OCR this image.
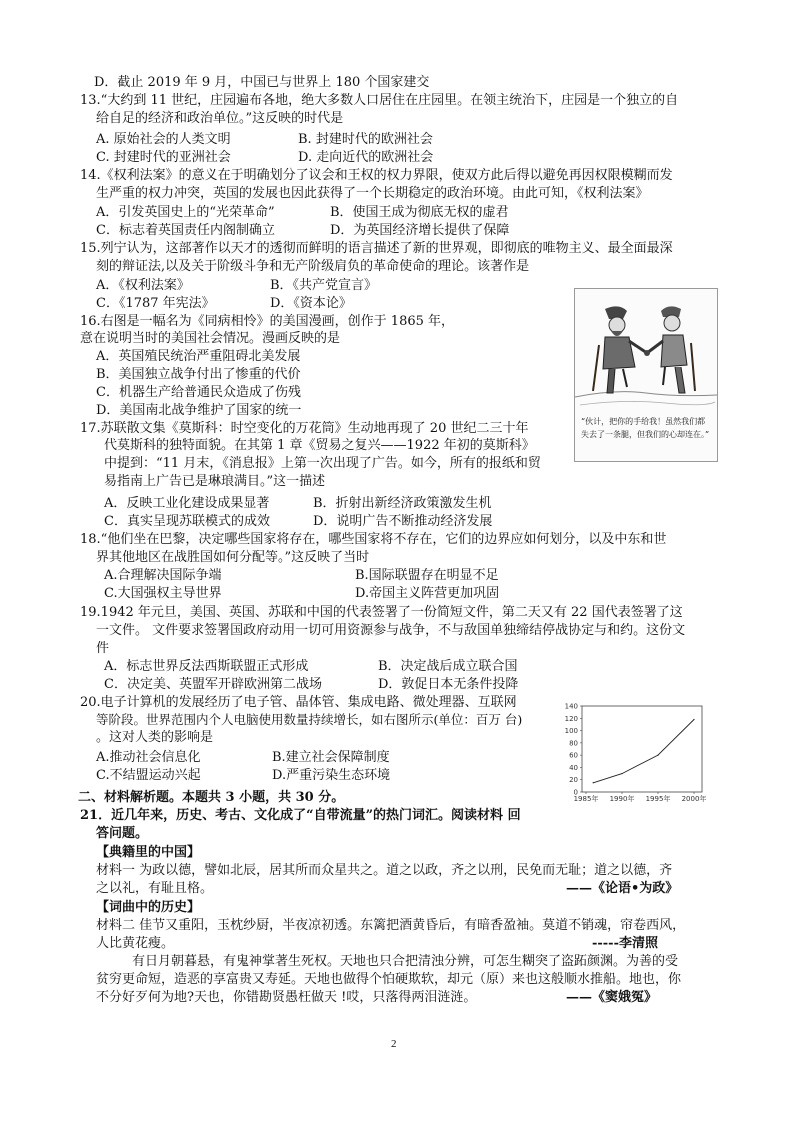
D．截止 2019 年 9 月，中国已与世界上 180 个国家建交
13.“大约到 11 世纪，庄园遍布各地，绝大多数人口居住在庄园里。在领主统治下，庄园是一个独立的自
给自足的经济和政治单位。”这反映的时代是
A. 原始社会的人类文明	B. 封建时代的欧洲社会
C. 封建时代的亚洲社会	D. 走向近代的欧洲社会
14.《权利法案》的意义在于明确划分了议会和王权的权力界限，使双方此后得以避免再因权限模糊而发
生严重的权力冲突，英国的发展也因此获得了一个长期稳定的政治环境。由此可知，《权利法案》
A．引发英国史上的“光荣革命”	B．使国王成为彻底无权的虚君
C．标志着英国责任内阁制确立	D．为英国经济增长提供了保障
15.列宁认为，这部著作以天才的透彻而鲜明的语言描述了新的世界观，即彻底的唯物主义、最全面最深
刻的辩证法,以及关于阶级斗争和无产阶级肩负的革命使命的理论。该著作是
A．《权利法案》	B．《共产党宣言》
C．《1787 年宪法》	D．《资本论》
16.右图是一幅名为《同病相怜》的美国漫画，创作于 1865 年，
意在说明当时的美国社会情况。漫画反映的是
A．英国殖民统治严重阻碍北美发展
B．美国独立战争付出了惨重的代价
C．机器生产给普通民众造成了伤残
D．美国南北战争维护了国家的统一
“伙计，把你的手给我！虽然我们都失去了一条腿，但我们的心却连在。”
17.苏联散文集《莫斯科：时空变化的万花筒》生动地再现了 20 世纪二三十年
代莫斯科的独特面貌。在其第 1 章《贸易之复兴——1922 年初的莫斯科》
中提到：“11 月末，《消息报》上第一次出现了广告。如今，所有的报纸和贸
易指南上广告已是琳琅满目。”这一描述
A．反映工业化建设成果显著	B．折射出新经济政策激发生机
C．真实呈现苏联模式的成效	D．说明广告不断推动经济发展
18.“他们坐在巴黎，决定哪些国家将存在，哪些国家将不存在，它们的边界应如何划分，以及中东和世
界其他地区在战胜国如何分配等。”这反映了当时
A.合理解决国际争端	B.国际联盟存在明显不足
C.大国强权主导世界	D.帝国主义阵营更加巩固
19.1942 年元旦，美国、英国、苏联和中国的代表签署了一份简短文件，第二天又有 22 国代表签署了这
一文件。 文件要求签署国政府动用一切可用资源参与战争，不与敌国单独缔结停战协定与和约。这份文
件
A．标志世界反法西斯联盟正式形成	B．决定战后成立联合国
C．决定美、英盟军开辟欧洲第二战场	D．敦促日本无条件投降
20.电子计算机的发展经历了电子管、晶体管、集成电路、微处理器、互联网
等阶段。世界范围内个人电脑使用数量持续增长，如右图所示(单位：百万 台)
。这对人类的影响是
A.推动社会信息化	B.建立社会保障制度
C.不结盟运动兴起	D.严重污染生态环境
0
20
40
60
80
100
120
140
1985年 1990年 1995年 2000年
二、材料解析题。本题共 3 小题，共 30 分。
21．近几年来，历史、考古、文化成了“自带流量”的热门词汇。阅读材料 回
答问题。
【典籍里的中国】
材料一 为政以德，譬如北辰，居其所而众星共之。道之以政，齐之以刑，民免而无耻；道之以德，齐
之以礼，有耻且格。	——《论语•为政》
【词曲中的历史】
材料二 佳节又重阳，玉枕纱厨，半夜凉初透。东篱把酒黄昏后，有暗香盈袖。莫道不销魂，帘卷西风，
人比黄花瘦。	-----李清照
有日月朝暮悬，有鬼神掌著生死权。天地也只合把清浊分辨，可怎生糊突了盗跖颜渊。为善的受
贫穷更命短，造恶的享富贵又寿延。天地也做得个怕硬欺软，却元（原）来也这般顺水推船。地也，你
不分好歹何为地?天也，你错勘贤愚枉做天 !哎，只落得两泪涟涟。	——《窦娥冤》
2
